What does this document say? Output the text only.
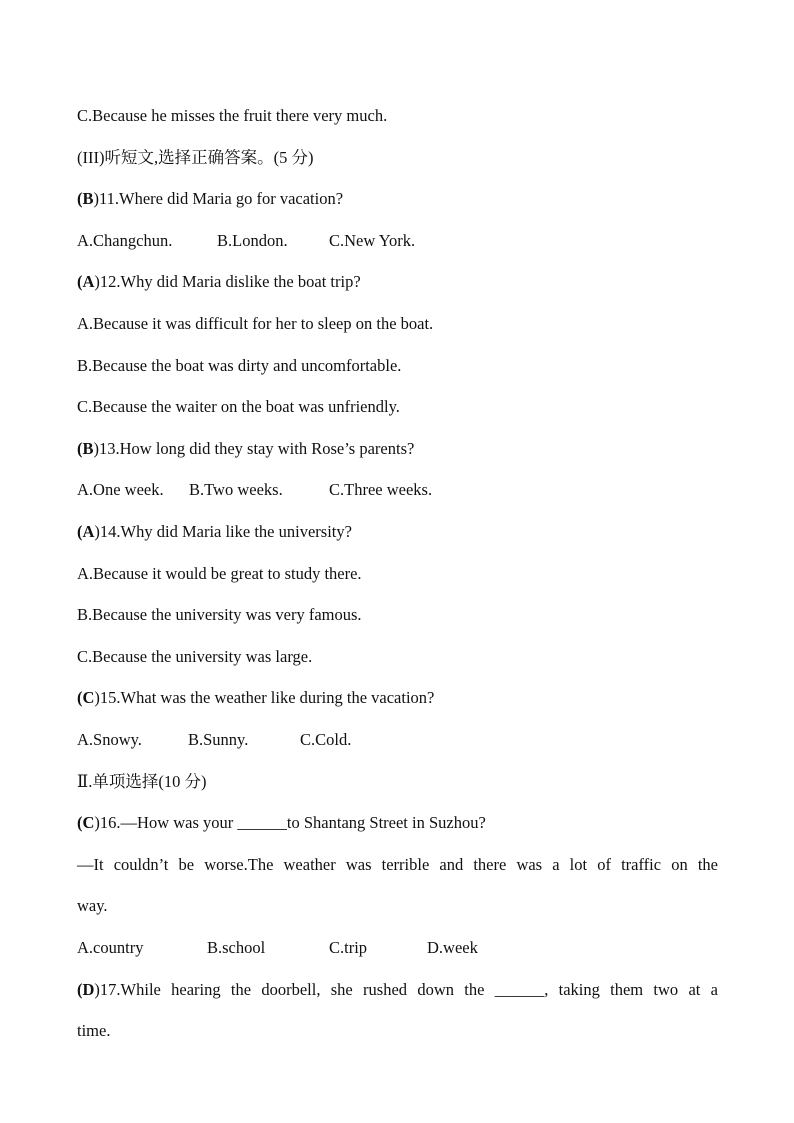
C.Because he misses the fruit there very much.
(III)听短文,选择正确答案。(5 分)
(B)11.Where did Maria go for vacation?
A.Changchun.	B.London.	C.New York.
(A)12.Why did Maria dislike the boat trip?
A.Because it was difficult for her to sleep on the boat.
B.Because the boat was dirty and uncomfortable.
C.Because the waiter on the boat was unfriendly.
(B)13.How long did they stay with Rose’s parents?
A.One week. B.Two weeks.	C.Three weeks.
(A)14.Why did Maria like the university?
A.Because it would be great to study there.
B.Because the university was very famous.
C.Because the university was large.
(C)15.What was the weather like during the vacation?
A.Snowy.	B.Sunny.	C.Cold.
Ⅱ.单项选择(10 分)
(C)16.—How was your ______to Shantang Street in Suzhou?
—It couldn’t be worse.The weather was terrible and there was a lot of traffic on the
way.
A.country	B.school	C.trip	D.week
(D)17.While hearing the doorbell, she rushed down the ______, taking them two at a
time.
